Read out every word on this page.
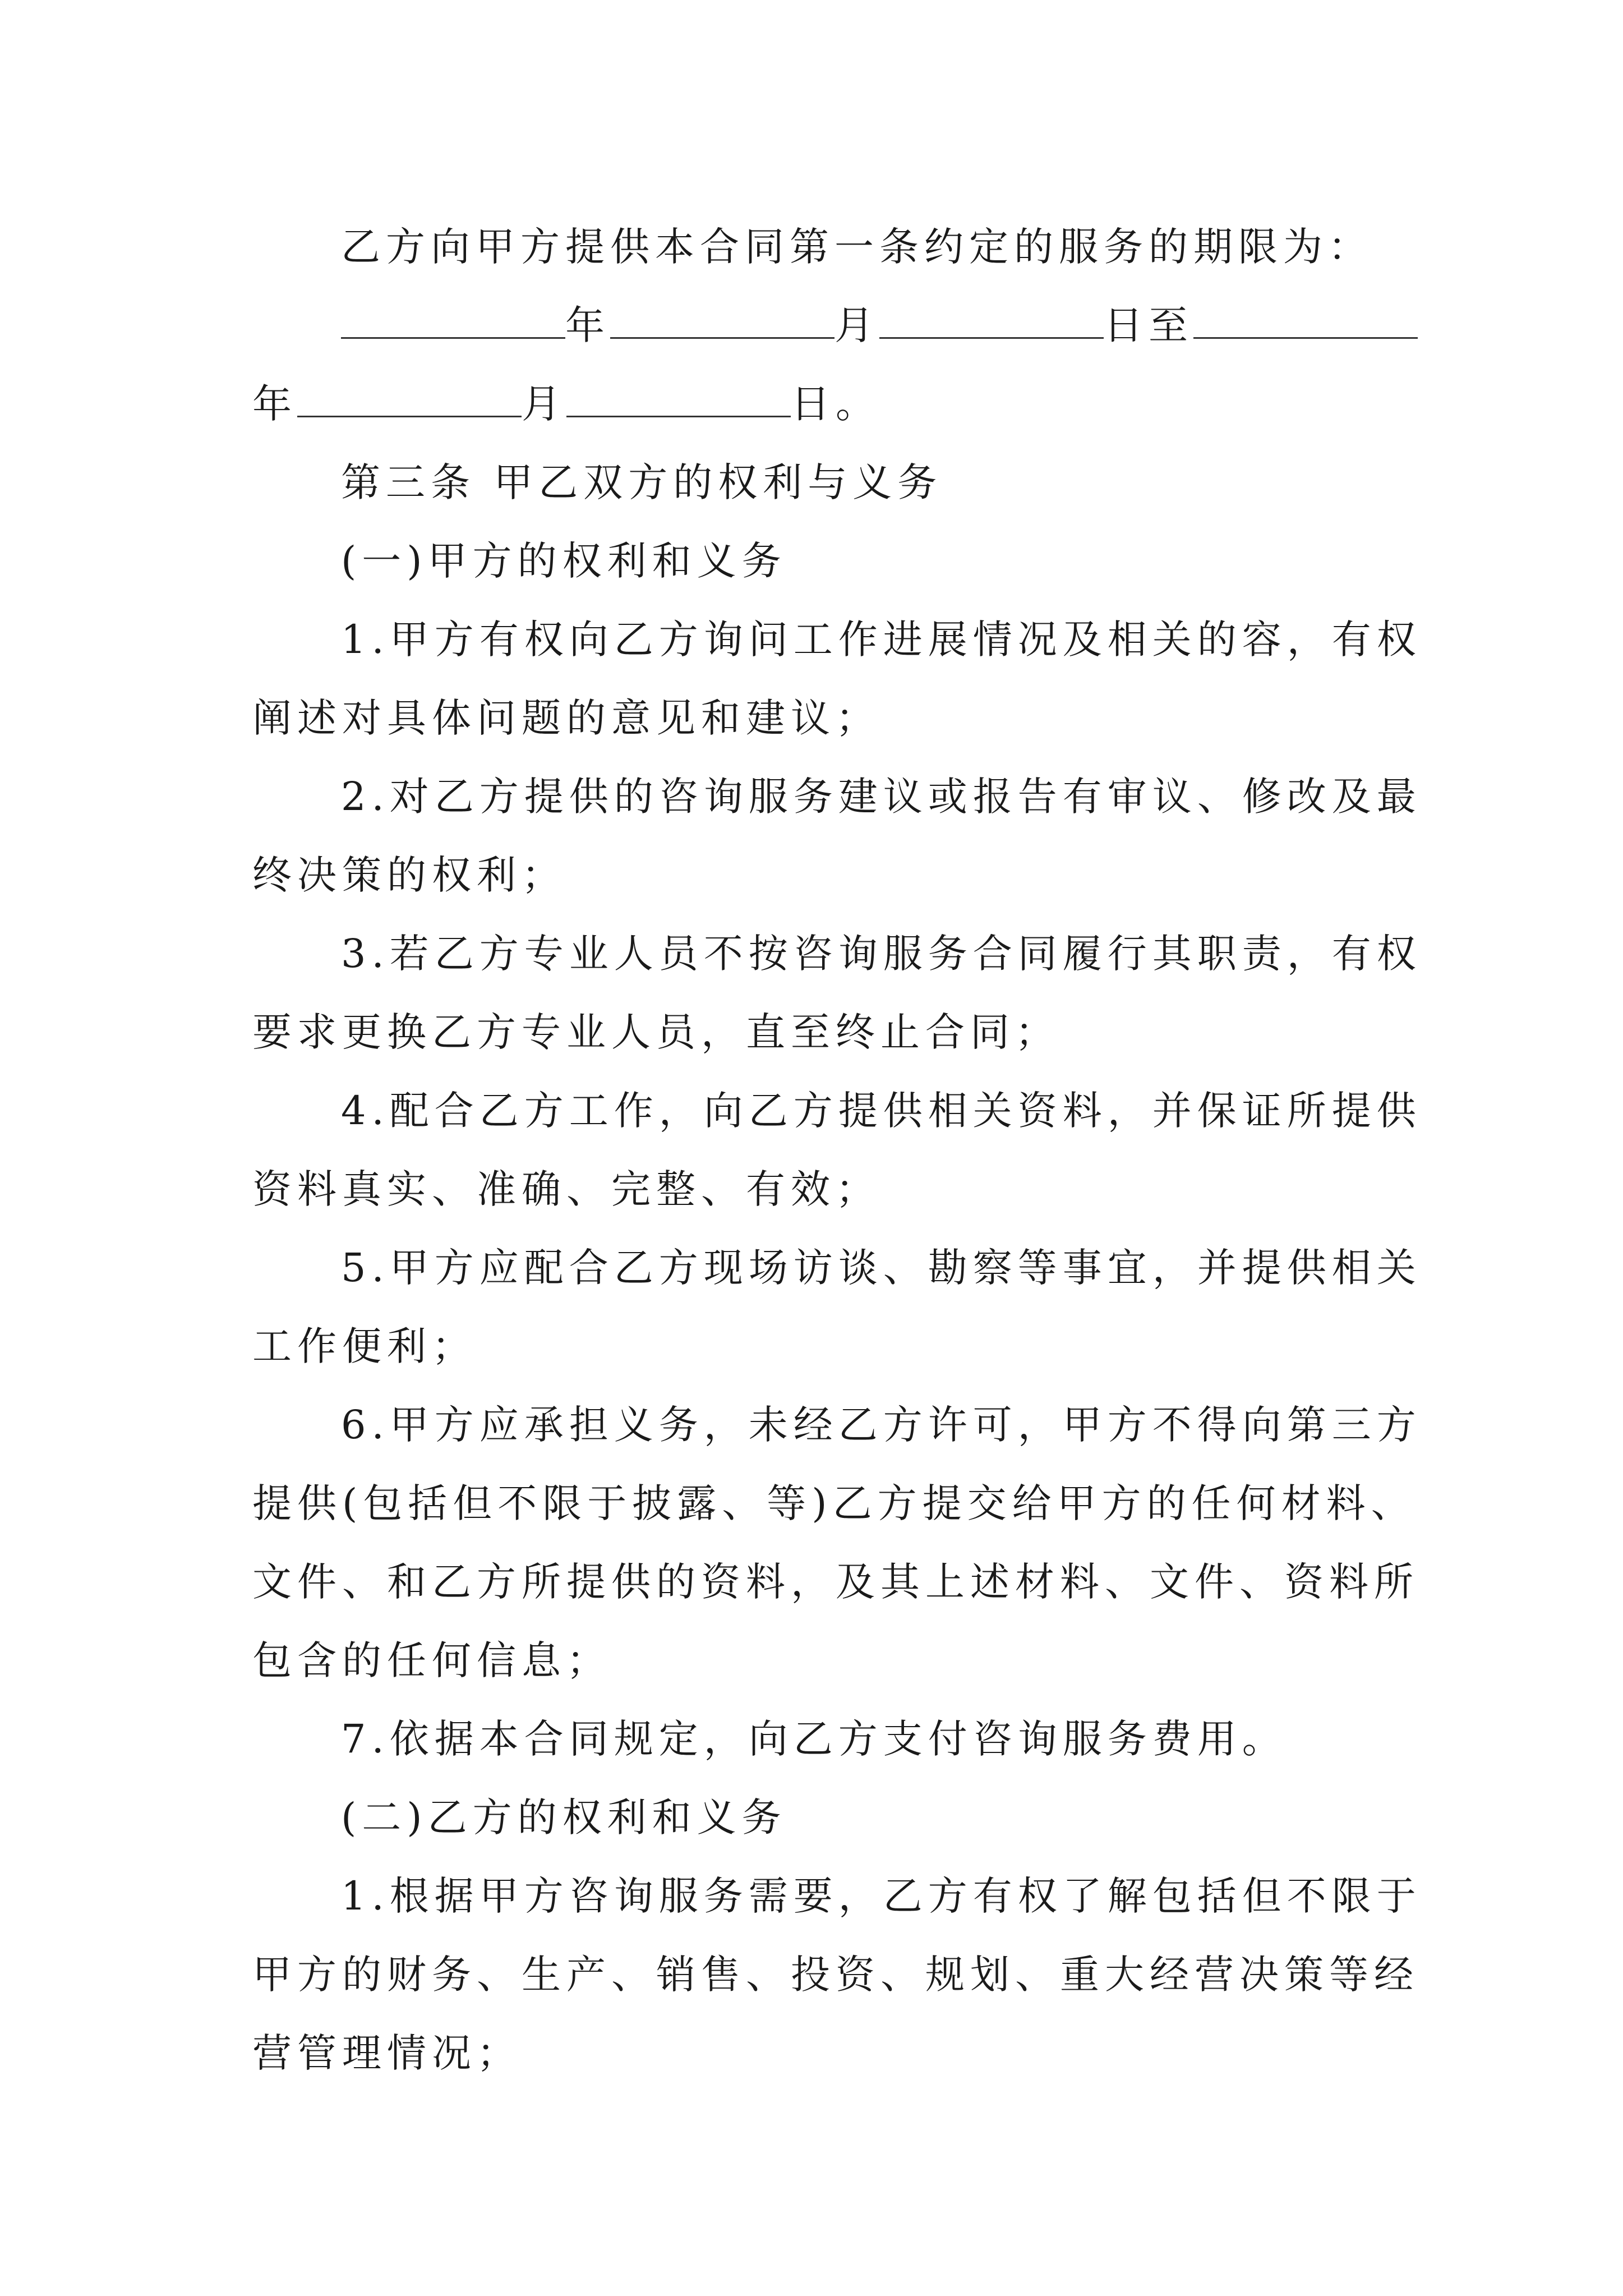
乙方向甲方提供本合同第一条约定的服务的期限为：
年	月	日至
年	月	日。
第三条 甲乙双方的权利与义务
(一)甲方的权利和义务
1.甲方有权向乙方询问工作进展情况及相关的容，有权
阐述对具体问题的意见和建议；
2.对乙方提供的咨询服务建议或报告有审议、修改及最
终决策的权利；
3.若乙方专业人员不按咨询服务合同履行其职责，有权
要求更换乙方专业人员，直至终止合同；
4.配合乙方工作，向乙方提供相关资料，并保证所提供
资料真实、准确、完整、有效；
5.甲方应配合乙方现场访谈、勘察等事宜，并提供相关
工作便利；
6.甲方应承担义务，未经乙方许可，甲方不得向第三方
提供(包括但不限于披露、等)乙方提交给甲方的任何材料、
文件、和乙方所提供的资料，及其上述材料、文件、资料所
包含的任何信息；
7.依据本合同规定，向乙方支付咨询服务费用。
(二)乙方的权利和义务
1.根据甲方咨询服务需要，乙方有权了解包括但不限于
甲方的财务、生产、销售、投资、规划、重大经营决策等经
营管理情况；
